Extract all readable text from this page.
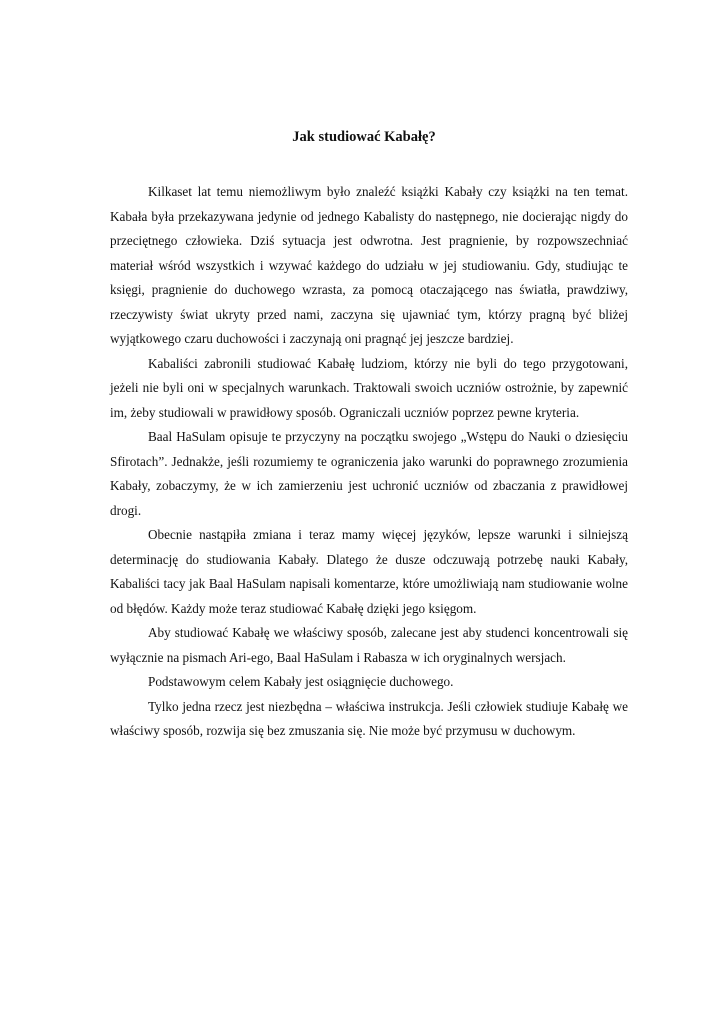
Jak studiować Kabałę?

Kilkaset lat temu niemożliwym było znaleźć książki Kabały czy książki na ten temat. Kabała była przekazywana jedynie od jednego Kabalisty do następnego, nie docierając nigdy do przeciętnego człowieka. Dziś sytuacja jest odwrotna. Jest pragnienie, by rozpowszechniać materiał wśród wszystkich i wzywać każdego do udziału w jej studiowaniu. Gdy, studiując te księgi, pragnienie do duchowego wzrasta, za pomocą otaczającego nas światła, prawdziwy, rzeczywisty świat ukryty przed nami, zaczyna się ujawniać tym, którzy pragną być bliżej wyjątkowego czaru duchowości i zaczynają oni pragnąć jej jeszcze bardziej.

Kabaliści zabronili studiować Kabałę ludziom, którzy nie byli do tego przygotowani, jeżeli nie byli oni w specjalnych warunkach. Traktowali swoich uczniów ostrożnie, by zapewnić im, żeby studiowali w prawidłowy sposób. Ograniczali uczniów poprzez pewne kryteria.

Baal HaSulam opisuje te przyczyny na początku swojego „Wstępu do Nauki o dziesięciu Sfirotach”. Jednakże, jeśli rozumiemy te ograniczenia jako warunki do poprawnego zrozumienia Kabały, zobaczymy, że w ich zamierzeniu jest uchronić uczniów od zbaczania z prawidłowej drogi.

Obecnie nastąpiła zmiana i teraz mamy więcej języków, lepsze warunki i silniejszą determinację do studiowania Kabały. Dlatego że dusze odczuwają potrzebę nauki Kabały, Kabaliści tacy jak Baal HaSulam napisali komentarze, które umożliwiają nam studiowanie wolne od błędów. Każdy może teraz studiować Kabałę dzięki jego księgom.

Aby studiować Kabałę we właściwy sposób, zalecane jest aby studenci koncentrowali się wyłącznie na pismach Ari-ego, Baal HaSulam i Rabasza w ich oryginalnych wersjach.

Podstawowym celem Kabały jest osiągnięcie duchowego.

Tylko jedna rzecz jest niezbędna – właściwa instrukcja. Jeśli człowiek studiuje Kabałę we właściwy sposób, rozwija się bez zmuszania się. Nie może być przymusu w duchowym.
